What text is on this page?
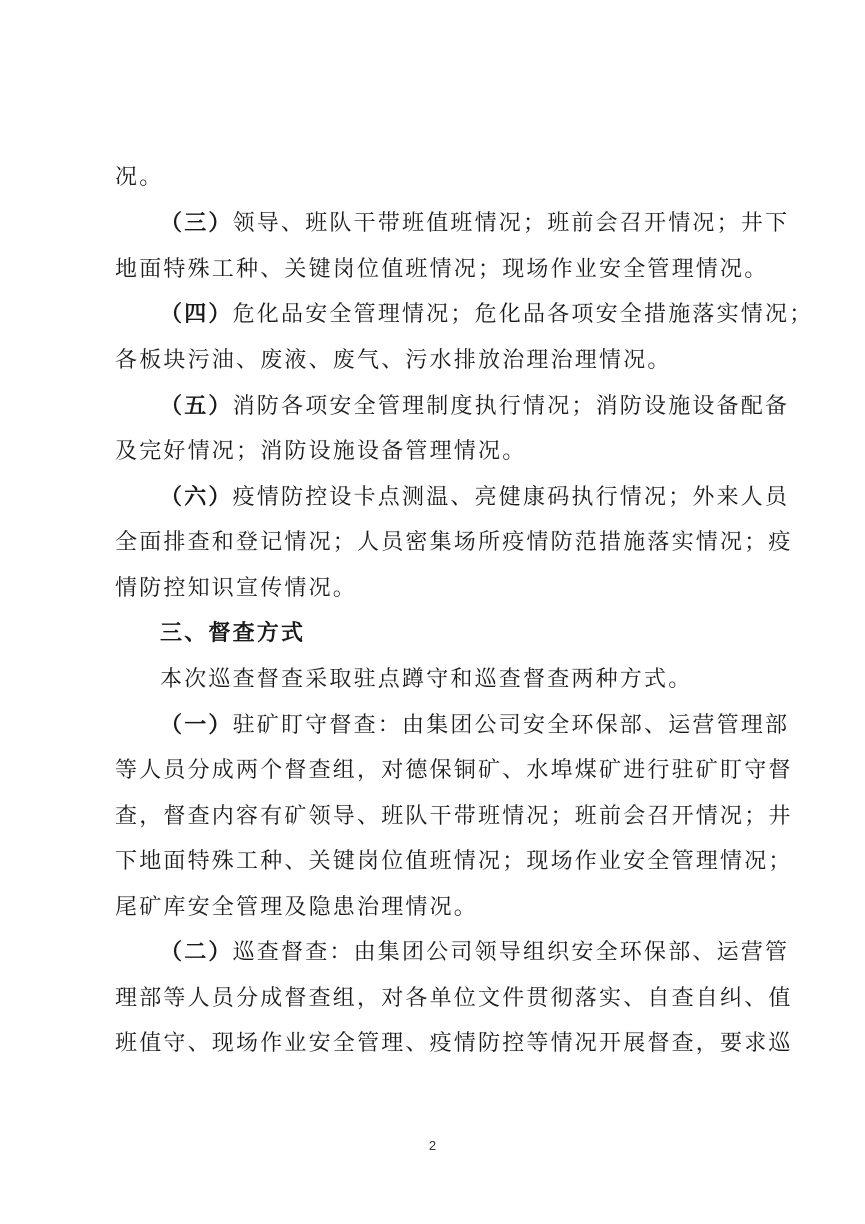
况。
（三）领导、班队干带班值班情况；班前会召开情况；井下
地面特殊工种、关键岗位值班情况；现场作业安全管理情况。
（四）危化品安全管理情况；危化品各项安全措施落实情况；
各板块污油、废液、废气、污水排放治理治理情况。
（五）消防各项安全管理制度执行情况；消防设施设备配备
及完好情况；消防设施设备管理情况。
（六）疫情防控设卡点测温、亮健康码执行情况；外来人员
全面排查和登记情况；人员密集场所疫情防范措施落实情况；疫
情防控知识宣传情况。
三、督查方式
本次巡查督查采取驻点蹲守和巡查督查两种方式。
（一）驻矿盯守督查：由集团公司安全环保部、运营管理部
等人员分成两个督查组，对德保铜矿、水埠煤矿进行驻矿盯守督
查，督查内容有矿领导、班队干带班情况；班前会召开情况；井
下地面特殊工种、关键岗位值班情况；现场作业安全管理情况；
尾矿库安全管理及隐患治理情况。
（二）巡查督查：由集团公司领导组织安全环保部、运营管
理部等人员分成督查组，对各单位文件贯彻落实、自查自纠、值
班值守、现场作业安全管理、疫情防控等情况开展督查，要求巡
2
